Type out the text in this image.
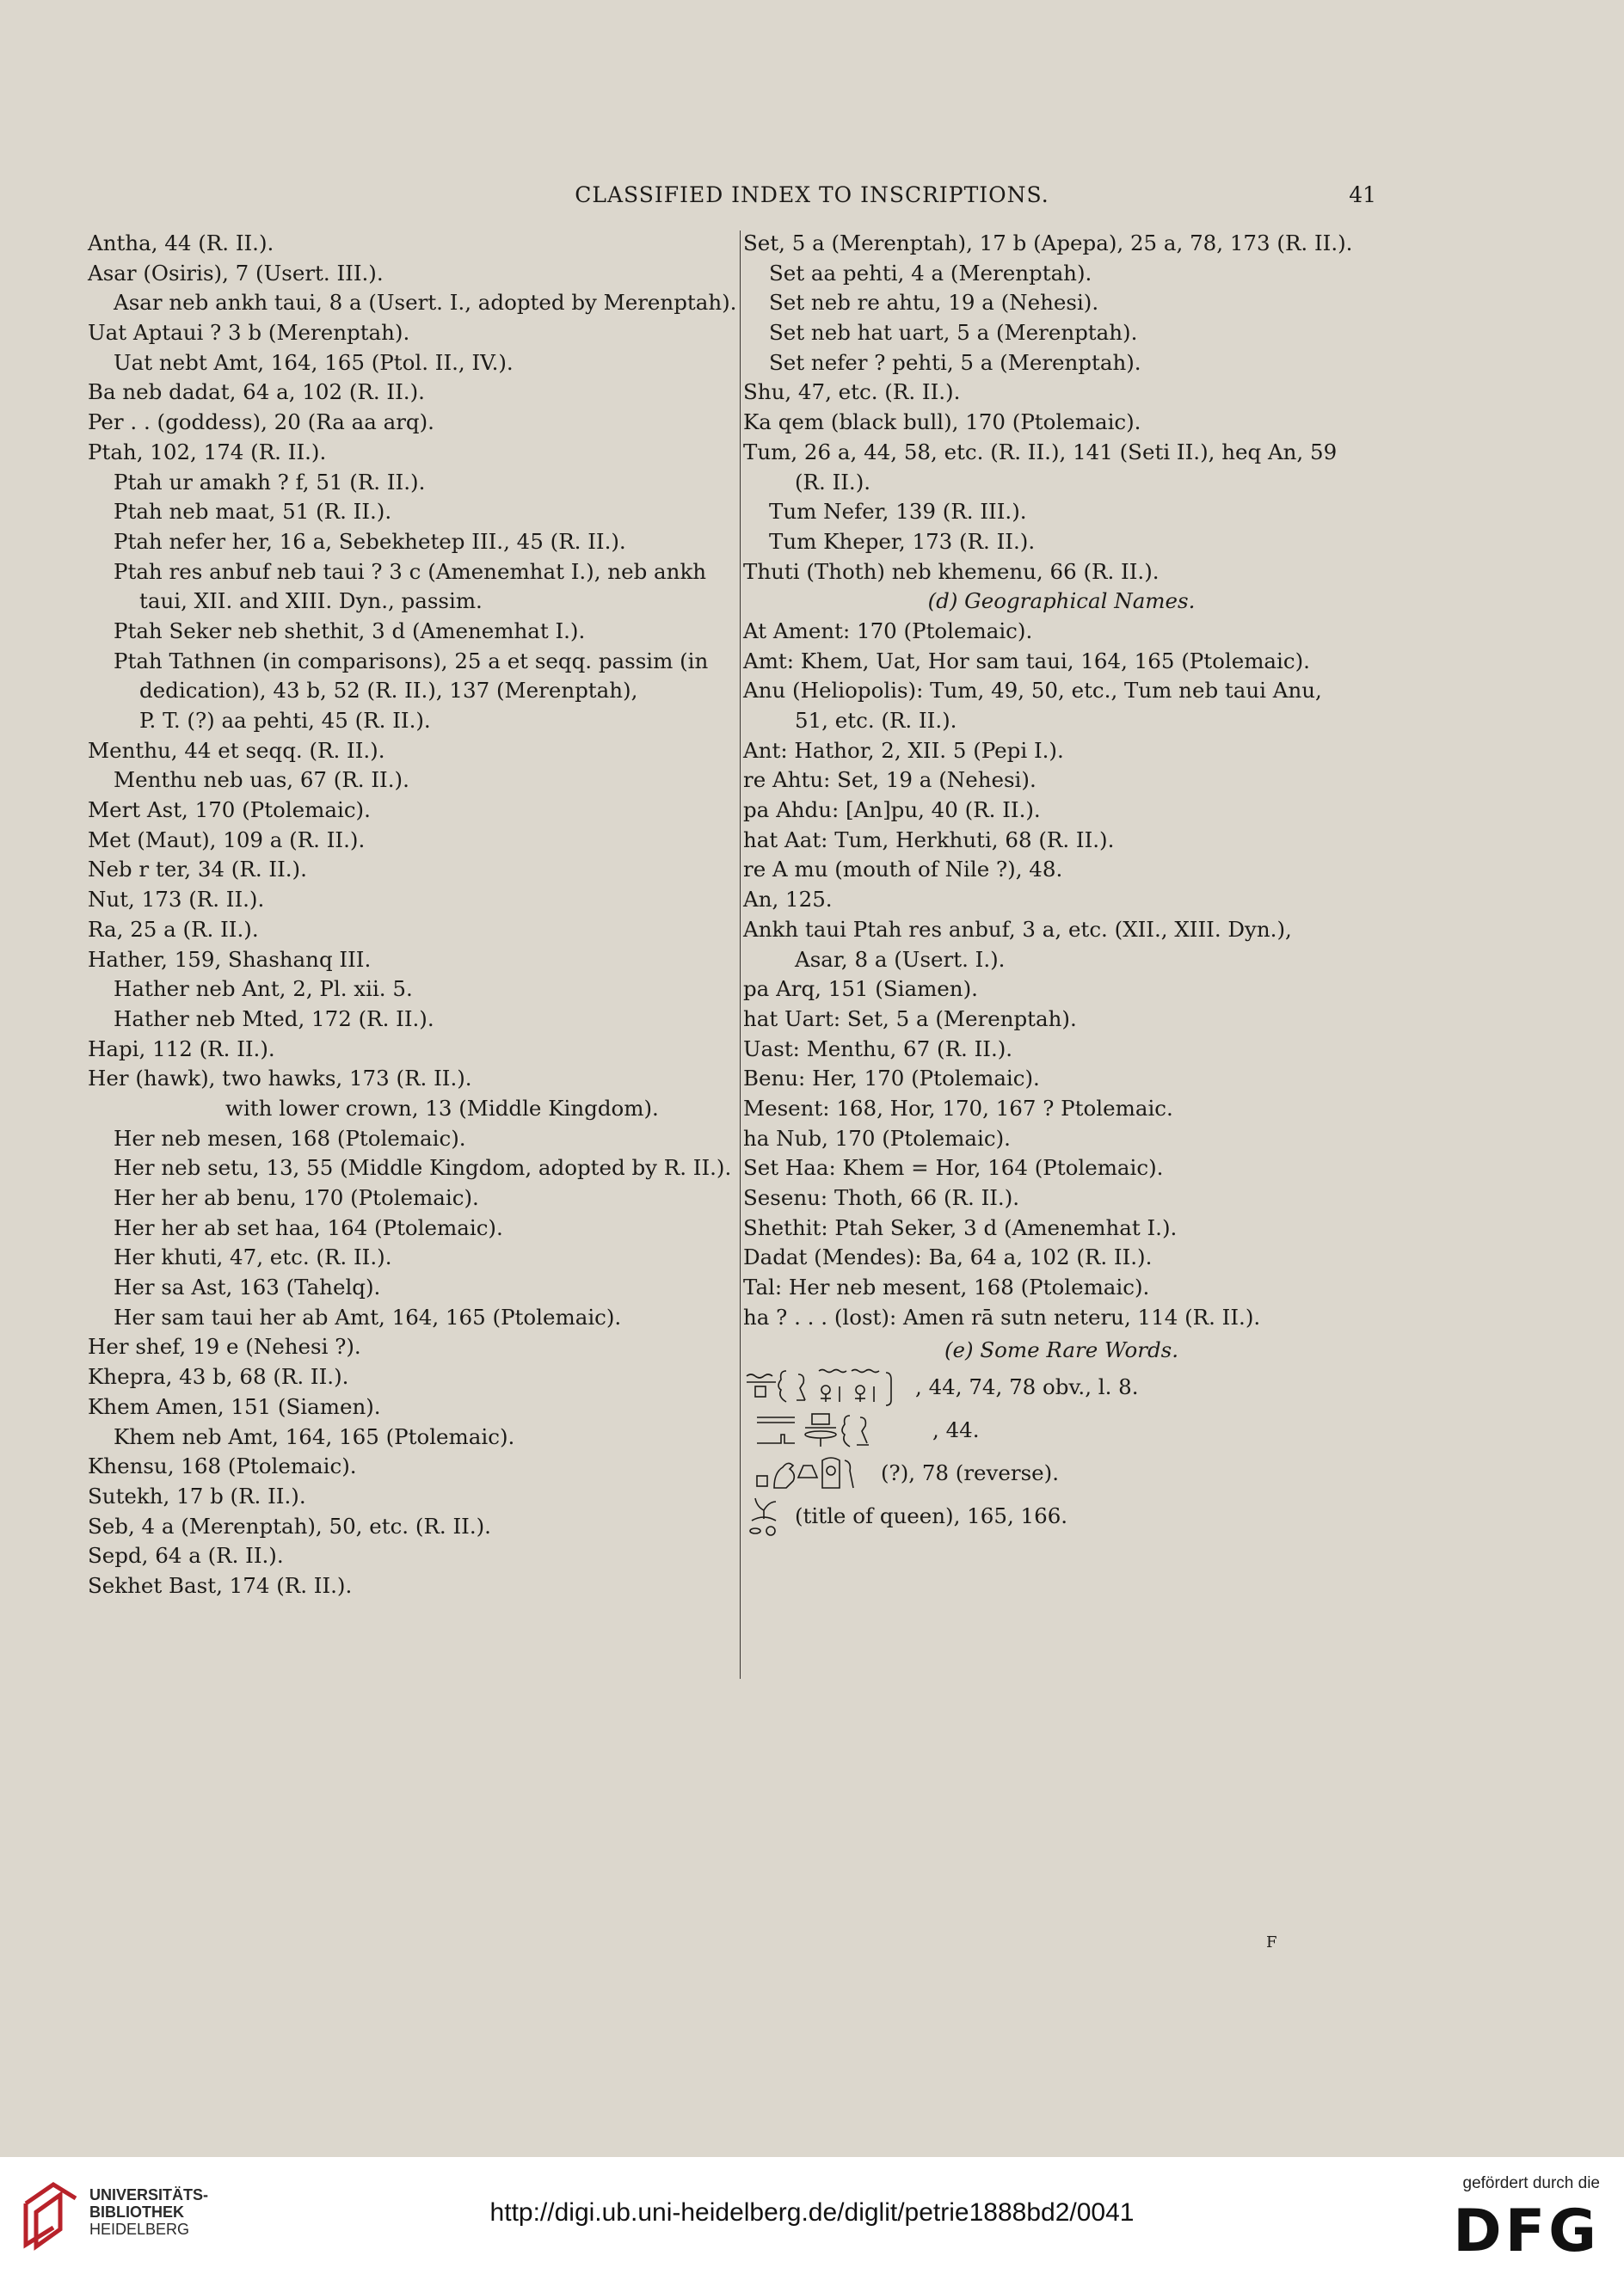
CLASSIFIED INDEX TO INSCRIPTIONS.	41
Antha, 44 (R. II.).
Asar (Osiris), 7 (Usert. III.).
Asar neb ankh taui, 8 a (Usert. I., adopted by Merenptah).
Uat Aptaui ? 3 b (Merenptah).
Uat nebt Amt, 164, 165 (Ptol. II., IV.).
Ba neb dadat, 64 a, 102 (R. II.).
Per . . (goddess), 20 (Ra aa arq).
Ptah, 102, 174 (R. II.).
Ptah ur amakh ? f, 51 (R. II.).
Ptah neb maat, 51 (R. II.).
Ptah nefer her, 16 a, Sebekhetep III., 45 (R. II.).
Ptah res anbuf neb taui ? 3 c (Amenemhat I.), neb ankh
taui, XII. and XIII. Dyn., passim.
Ptah Seker neb shethit, 3 d (Amenemhat I.).
Ptah Tathnen (in comparisons), 25 a et seqq. passim (in
dedication), 43 b, 52 (R. II.), 137 (Merenptah),
P. T. (?) aa pehti, 45 (R. II.).
Menthu, 44 et seqq. (R. II.).
Menthu neb uas, 67 (R. II.).
Mert Ast, 170 (Ptolemaic).
Met (Maut), 109 a (R. II.).
Neb r ter, 34 (R. II.).
Nut, 173 (R. II.).
Ra, 25 a (R. II.).
Hather, 159, Shashanq III.
Hather neb Ant, 2, Pl. xii. 5.
Hather neb Mted, 172 (R. II.).
Hapi, 112 (R. II.).
Her (hawk), two hawks, 173 (R. II.).
with lower crown, 13 (Middle Kingdom).
Her neb mesen, 168 (Ptolemaic).
Her neb setu, 13, 55 (Middle Kingdom, adopted by R. II.).
Her her ab benu, 170 (Ptolemaic).
Her her ab set haa, 164 (Ptolemaic).
Her khuti, 47, etc. (R. II.).
Her sa Ast, 163 (Tahelq).
Her sam taui her ab Amt, 164, 165 (Ptolemaic).
Her shef, 19 e (Nehesi ?).
Khepra, 43 b, 68 (R. II.).
Khem Amen, 151 (Siamen).
Khem neb Amt, 164, 165 (Ptolemaic).
Khensu, 168 (Ptolemaic).
Sutekh, 17 b (R. II.).
Seb, 4 a (Merenptah), 50, etc. (R. II.).
Sepd, 64 a (R. II.).
Sekhet Bast, 174 (R. II.).
Set, 5 a (Merenptah), 17 b (Apepa), 25 a, 78, 173 (R. II.).
Set aa pehti, 4 a (Merenptah).
Set neb re ahtu, 19 a (Nehesi).
Set neb hat uart, 5 a (Merenptah).
Set nefer ? pehti, 5 a (Merenptah).
Shu, 47, etc. (R. II.).
Ka qem (black bull), 170 (Ptolemaic).
Tum, 26 a, 44, 58, etc. (R. II.), 141 (Seti II.), heq An, 59
(R. II.).
Tum Nefer, 139 (R. III.).
Tum Kheper, 173 (R. II.).
Thuti (Thoth) neb khemenu, 66 (R. II.).
(d) Geographical Names.
At Ament: 170 (Ptolemaic).
Amt: Khem, Uat, Hor sam taui, 164, 165 (Ptolemaic).
Anu (Heliopolis): Tum, 49, 50, etc., Tum neb taui Anu,
51, etc. (R. II.).
Ant: Hathor, 2, XII. 5 (Pepi I.).
re Ahtu: Set, 19 a (Nehesi).
pa Ahdu: [An]pu, 40 (R. II.).
hat Aat: Tum, Herkhuti, 68 (R. II.).
re A mu (mouth of Nile ?), 48.
An, 125.
Ankh taui Ptah res anbuf, 3 a, etc. (XII., XIII. Dyn.),
Asar, 8 a (Usert. I.).
pa Arq, 151 (Siamen).
hat Uart: Set, 5 a (Merenptah).
Uast: Menthu, 67 (R. II.).
Benu: Her, 170 (Ptolemaic).
Mesent: 168, Hor, 170, 167 ? Ptolemaic.
ha Nub, 170 (Ptolemaic).
Set Haa: Khem = Hor, 164 (Ptolemaic).
Sesenu: Thoth, 66 (R. II.).
Shethit: Ptah Seker, 3 d (Amenemhat I.).
Dadat (Mendes): Ba, 64 a, 102 (R. II.).
Tal: Her neb mesent, 168 (Ptolemaic).
ha ? . . . (lost): Amen rā sutn neteru, 114 (R. II.).
(e) Some Rare Words.
, 44, 74, 78 obv., l. 8.
, 44.
(?), 78 (reverse).
(title of queen), 165, 166.
F
UNIVERSITÄTS-
BIBLIOTHEK
HEIDELBERG
http://digi.ub.uni-heidelberg.de/diglit/petrie1888bd2/0041
gefördert durch die
DFG
